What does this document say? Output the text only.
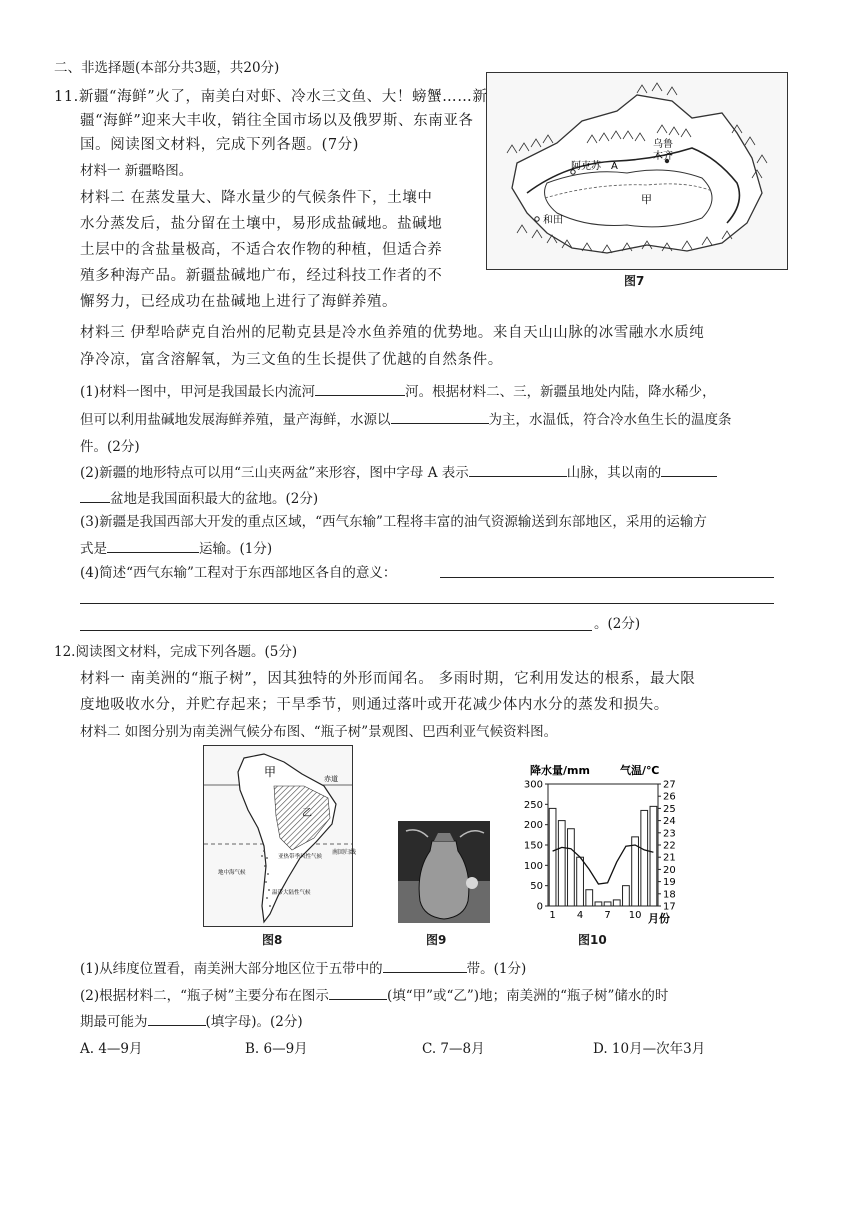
二、非选择题(本部分共3题，共20分)
11.新疆“海鲜”火了，南美白对虾、冷水三文鱼、大！螃蟹……新
疆“海鲜”迎来大丰收，销往全国市场以及俄罗斯、东南亚各
国。阅读图文材料，完成下列各题。(7分)
材料一 新疆略图。
材料二 在蒸发量大、降水量少的气候条件下，土壤中
水分蒸发后，盐分留在土壤中，易形成盐碱地。盐碱地
土层中的含盐量极高，不适合农作物的种植，但适合养
殖多种海产品。新疆盐碱地广布，经过科技工作者的不
懈努力，已经成功在盐碱地上进行了海鲜养殖。
乌鲁
木齐
阿克苏 A
甲
和田
图7
材料三 伊犁哈萨克自治州的尼勒克县是冷水鱼养殖的优势地。来自天山山脉的冰雪融水水质纯
净冷凉，富含溶解氧，为三文鱼的生长提供了优越的自然条件。
(1)材料一图中，甲河是我国最长内流河	河。根据材料二、三，新疆虽地处内陆，降水稀少，
但可以利用盐碱地发展海鲜养殖，量产海鲜，水源以	为主，水温低，符合冷水鱼生长的温度条
件。(2分)
(2)新疆的地形特点可以用“三山夹两盆”来形容，图中字母 A 表示	山脉，其以南的
盆地是我国面积最大的盆地。(2分)
(3)新疆是我国西部大开发的重点区域，“西气东输”工程将丰富的油气资源输送到东部地区，采用的运输方
式是	运输。(1分)
(4)简述“西气东输”工程对于东西部地区各自的意义：
。(2分)
12.阅读图文材料，完成下列各题。(5分)
材料一 南美洲的“瓶子树”，因其独特的外形而闻名。 多雨时期，它利用发达的根系，最大限
度地吸收水分，并贮存起来；干旱季节，则通过落叶或开花减少体内水分的蒸发和损失。
材料二 如图分别为南美洲气候分布图、“瓶子树”景观图、巴西利亚气候资料图。
赤道
甲
乙
亚热带季风性气候
南回归线
地中海气候
温带大陆性气候
图8	图9
降水量/mm	气温/℃
0
50
100
150
200
250
300
17
18
19
20
21
22
23
24
25
26
27
1 4 7 10 月份
图10
(1)从纬度位置看，南美洲大部分地区位于五带中的	带。(1分)
(2)根据材料二，“瓶子树”主要分布在图示	(填“甲”或“乙”)地；南美洲的“瓶子树”储水的时
期最可能为	(填字母)。(2分)
A. 4—9月	B. 6—9月	C. 7—8月	D. 10月—次年3月
